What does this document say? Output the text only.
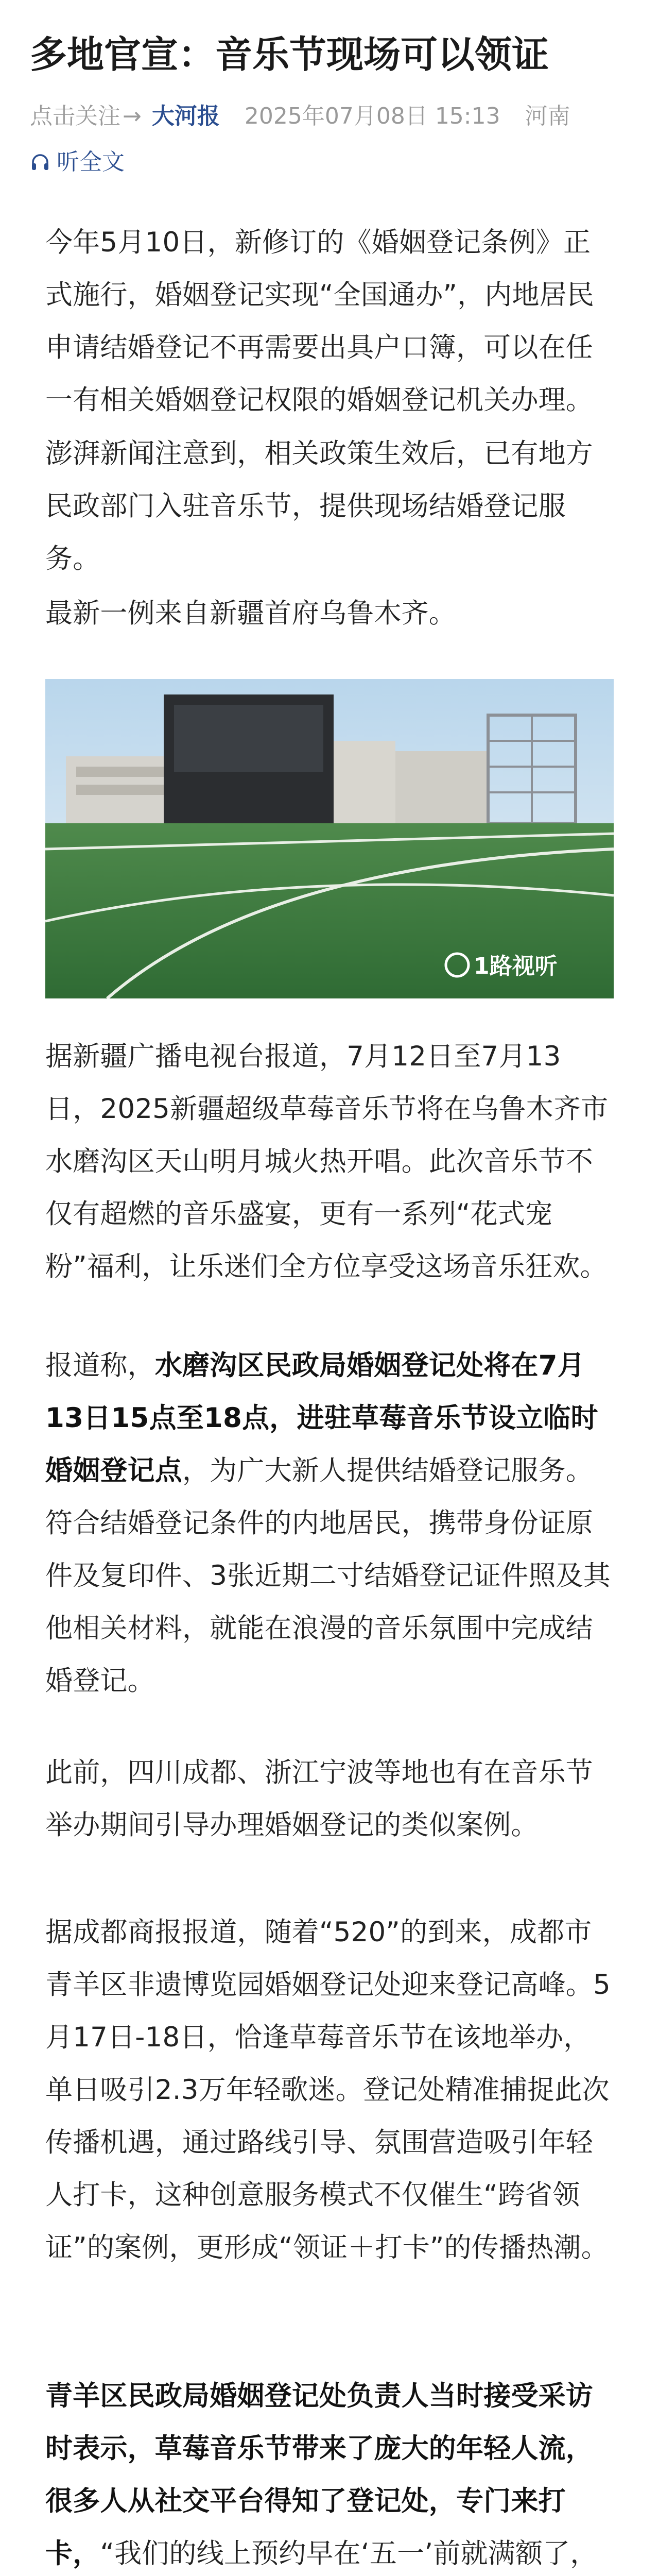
多地官宣：音乐节现场可以领证
点击关注→ 大河报 2025年07月08日 15:13 河南
听全文

今年5月10日，新修订的《婚姻登记条例》正式施行，婚姻登记实现“全国通办”，内地居民申请结婚登记不再需要出具户口簿，可以在任一有相关婚姻登记权限的婚姻登记机关办理。

澎湃新闻注意到，相关政策生效后，已有地方民政部门入驻音乐节，提供现场结婚登记服务。

最新一例来自新疆首府乌鲁木齐。

1路视听

据新疆广播电视台报道，7月12日至7月13日，2025新疆超级草莓音乐节将在乌鲁木齐市水磨沟区天山明月城火热开唱。此次音乐节不仅有超燃的音乐盛宴，更有一系列“花式宠粉”福利，让乐迷们全方位享受这场音乐狂欢。

报道称，水磨沟区民政局婚姻登记处将在7月13日15点至18点，进驻草莓音乐节设立临时婚姻登记点，为广大新人提供结婚登记服务。符合结婚登记条件的内地居民，携带身份证原件及复印件、3张近期二寸结婚登记证件照及其他相关材料，就能在浪漫的音乐氛围中完成结婚登记。

此前，四川成都、浙江宁波等地也有在音乐节举办期间引导办理婚姻登记的类似案例。

据成都商报报道，随着“520”的到来，成都市青羊区非遗博览园婚姻登记处迎来登记高峰。5月17日-18日，恰逢草莓音乐节在该地举办，单日吸引2.3万年轻歌迷。登记处精准捕捉此次传播机遇，通过路线引导、氛围营造吸引年轻人打卡，这种创意服务模式不仅催生“跨省领证”的案例，更形成“领证＋打卡”的传播热潮。

青羊区民政局婚姻登记处负责人当时接受采访时表示，草莓音乐节带来了庞大的年轻人流，很多人从社交平台得知了登记处，专门来打卡，“我们的线上预约早在‘五一’前就满额了，
